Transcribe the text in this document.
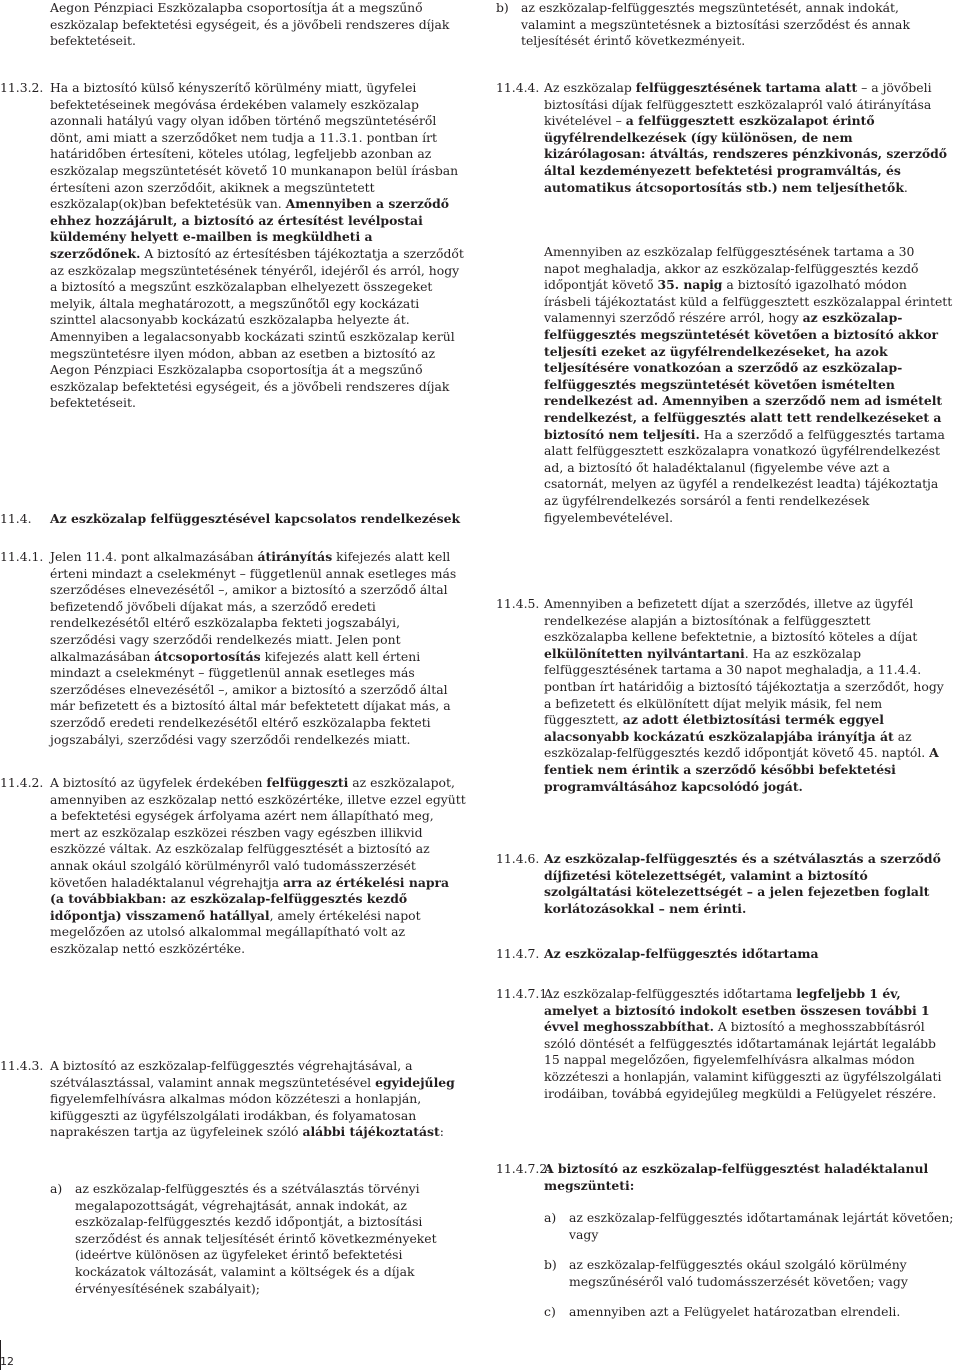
Aegon Pénzpiaci Eszközalapba csoportosítja át a megszűnő eszközalap befektetési egységeit, és a jövőbeli rendszeres díjak befektetéseit.
11.3.2. Ha a biztosító külső kényszerítő körülmény miatt, ügyfelei befektetéseinek megóvása érdekében valamely eszközalap azonnali hatályú vagy olyan időben történő megszüntetéséről dönt, ami miatt a szerződőket nem tudja a 11.3.1. pontban írt határidőben értesíteni, köteles utólag, legfeljebb azonban az eszközalap megszüntetését követő 10 munkanapon belül írásban értesíteni azon szerződőit, akiknek a megszüntetett eszközalap(ok)ban befektetésük van. Amennyiben a szerződő ehhez hozzájárult, a biztosító az értesítést levélpostai küldemény helyett e-mailben is megküldheti a szerződőnek. A biztosító az értesítésben tájékoztatja a szerződőt az eszközalap megszüntetésének tényéről, idejéről és arról, hogy a biztosító a megszűnt eszközalapban elhelyezett összegeket melyik, általa meghatározott, a megszűnőtől egy kockázati szinttel alacsonyabb kockázatú eszközalapba helyezte át. Amennyiben a legalacsonyabb kockázati szintű eszközalap kerül megszüntetésre ilyen módon, abban az esetben a biztosító az Aegon Pénzpiaci Eszközalapba csoportosítja át a megszűnő eszközalap befektetési egységeit, és a jövőbeli rendszeres díjak befektetéseit.
11.4. Az eszközalap felfüggesztésével kapcsolatos rendelkezések
11.4.1. Jelen 11.4. pont alkalmazásában átirányítás kifejezés alatt kell érteni mindazt a cselekményt – függetlenül annak esetleges más szerződéses elnevezésétől –, amikor a biztosító a szerződő által befizetendő jövőbeli díjakat más, a szerződő eredeti rendelkezésétől eltérő eszközalapba fekteti jogszabályi, szerződési vagy szerződői rendelkezés miatt. Jelen pont alkalmazásában átcsoportosítás kifejezés alatt kell érteni mindazt a cselekményt – függetlenül annak esetleges más szerződéses elnevezésétől –, amikor a biztosító a szerződő által már befizetett és a biztosító által már befektetett díjakat más, a szerződő eredeti rendelkezésétől eltérő eszközalapba fekteti jogszabályi, szerződési vagy szerződői rendelkezés miatt.
11.4.2. A biztosító az ügyfelek érdekében felfüggeszti az eszközalapot, amennyiben az eszközalap nettó eszközértéke, illetve ezzel együtt a befektetési egységek árfolyama azért nem állapítható meg, mert az eszközalap eszközei részben vagy egészben illikvid eszközzé váltak. Az eszközalap felfüggesztését a biztosító az annak okául szolgáló körülményről való tudomásszerzését követően haladéktalanul végrehajtja arra az értékelési napra (a továbbiakban: az eszközalap-felfüggesztés kezdő időpontja) visszamenő hatállyal, amely értékelési napot megelőzően az utolsó alkalommal megállapítható volt az eszközalap nettó eszközértéke.
11.4.3. A biztosító az eszközalap-felfüggesztés végrehajtásával, a szétválasztással, valamint annak megszüntetésével egyidejűleg figyelemfelhívásra alkalmas módon közzéteszi a honlapján, kifüggeszti az ügyfélszolgálati irodákban, és folyamatosan naprakészen tartja az ügyfeleinek szóló alábbi tájékoztatást:
a) az eszközalap-felfüggesztés és a szétválasztás törvényi megalapozottságát, végrehajtását, annak indokát, az eszközalap-felfüggesztés kezdő időpontját, a biztosítási szerződést és annak teljesítését érintő következményeket (ideértve különösen az ügyfeleket érintő befektetési kockázatok változását, valamint a költségek és a díjak érvényesítésének szabályait);
b) az eszközalap-felfüggesztés megszüntetését, annak indokát, valamint a megszüntetésnek a biztosítási szerződést és annak teljesítését érintő következményeit.
11.4.4. Az eszközalap felfüggesztésének tartama alatt – a jövőbeli biztosítási díjak felfüggesztett eszközalapról való átirányítása kivételével – a felfüggesztett eszközalapot érintő ügyfélrendelkezések (így különösen, de nem kizárólagosan: átváltás, rendszeres pénzkivonás, szerződő által kezdeményezett befektetési programváltás, és automatikus átcsoportosítás stb.) nem teljesíthetők.
Amennyiben az eszközalap felfüggesztésének tartama a 30 napot meghaladja, akkor az eszközalap-felfüggesztés kezdő időpontját követő 35. napig a biztosító igazolható módon írásbeli tájékoztatást küld a felfüggesztett eszközalappal érintett valamennyi szerződő részére arról, hogy az eszközalap-felfüggesztés megszüntetését követően a biztosító akkor teljesíti ezeket az ügyfélrendelkezéseket, ha azok teljesítésére vonatkozóan a szerződő az eszközalap-felfüggesztés megszüntetését követően ismételten rendelkezést ad. Amennyiben a szerződő nem ad ismételt rendelkezést, a felfüggesztés alatt tett rendelkezéseket a biztosító nem teljesíti. Ha a szerződő a felfüggesztés tartama alatt felfüggesztett eszközalapra vonatkozó ügyfélrendelkezést ad, a biztosító őt haladéktalanul (figyelembe véve azt a csatornát, melyen az ügyfél a rendelkezést leadta) tájékoztatja az ügyfélrendelkezés sorsáról a fenti rendelkezések figyelembevételével.
11.4.5. Amennyiben a befizetett díjat a szerződés, illetve az ügyfél rendelkezése alapján a biztosítónak a felfüggesztett eszközalapba kellene befektetnie, a biztosító köteles a díjat elkülönítetten nyilvántartani. Ha az eszközalap felfüggesztésének tartama a 30 napot meghaladja, a 11.4.4. pontban írt határidőig a biztosító tájékoztatja a szerződőt, hogy a befizetett és elkülönített díjat melyik másik, fel nem függesztett, az adott életbiztosítási termék eggyel alacsonyabb kockázatú eszközalapjába irányítja át az eszközalap-felfüggesztés kezdő időpontját követő 45. naptól. A fentiek nem érintik a szerződő későbbi befektetési programváltásához kapcsolódó jogát.
11.4.6. Az eszközalap-felfüggesztés és a szétválasztás a szerződő díjfizetési kötelezettségét, valamint a biztosító szolgáltatási kötelezettségét – a jelen fejezetben foglalt korlátozásokkal – nem érinti.
11.4.7. Az eszközalap-felfüggesztés időtartama
11.4.7.1.
Az eszközalap-felfüggesztés időtartama legfeljebb 1 év, amelyet a biztosító indokolt esetben összesen további 1 évvel meghosszabbíthat. A biztosító a meghosszabbításról szóló döntését a felfüggesztés időtartamának lejártát legalább 15 nappal megelőzően, figyelemfelhívásra alkalmas módon közzéteszi a honlapján, valamint kifüggeszti az ügyfélszolgálati irodáiban, továbbá egyidejűleg megküldi a Felügyelet részére.
11.4.7.2.
A biztosító az eszközalap-felfüggesztést haladéktalanul megszünteti:
a) az eszközalap-felfüggesztés időtartamának lejártát követően; vagy
b) az eszközalap-felfüggesztés okául szolgáló körülmény megszűnéséről való tudomásszerzését követően; vagy
c) amennyiben azt a Felügyelet határozatban elrendeli.
12
